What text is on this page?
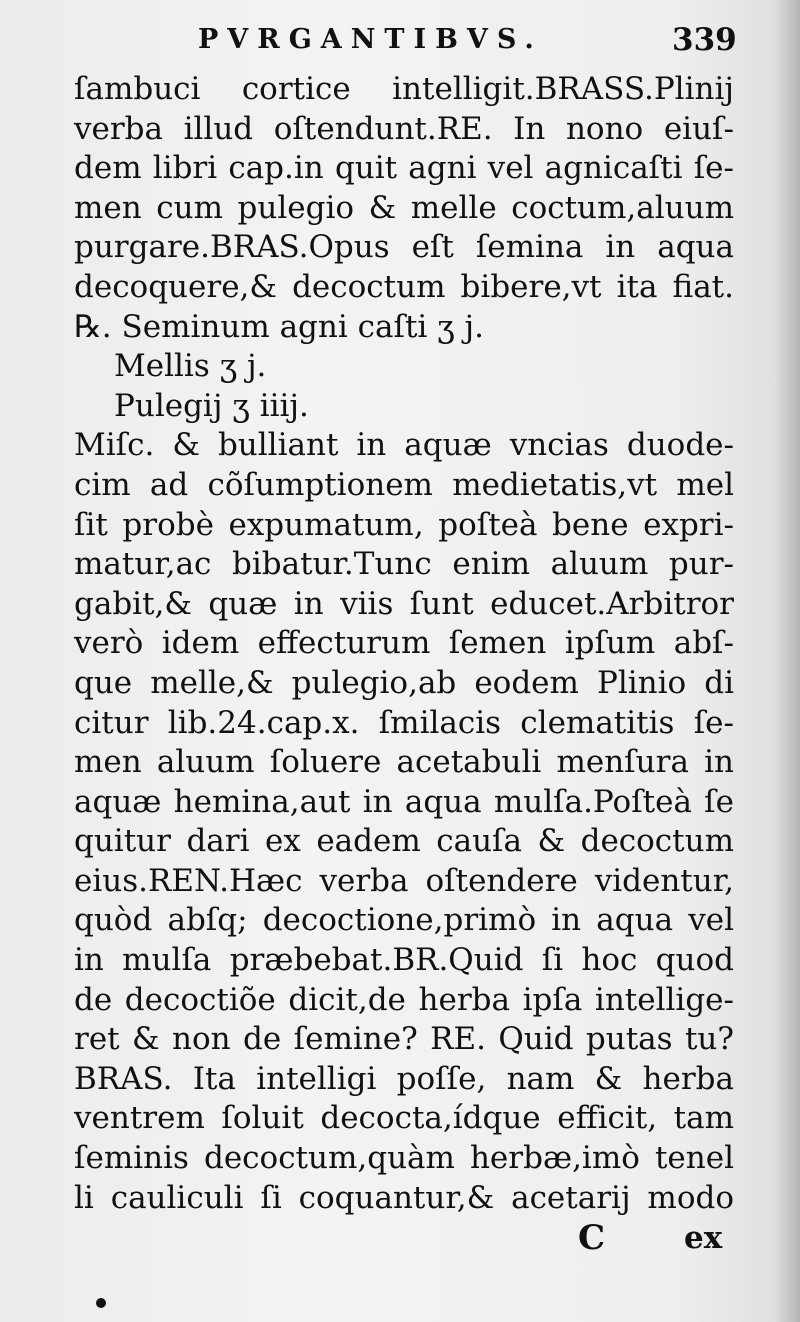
PVRGANTIBVS.	339
ſambuci cortice intelligit.BRASS.Plinij
verba illud oſtendunt.RE. In nono eiuſ-
dem libri cap.in quit agni vel agnicaſti ſe-
men cum pulegio & melle coctum,aluum
purgare.BRAS.Opus eſt ſemina in aqua
decoquere,& decoctum bibere,vt ita fiat.
℞. Seminum agni caſti ʒ j.
Mellis ʒ j.
Pulegij ʒ iiij.
Miſc. & bulliant in aquæ vncias duode-
cim ad cõſumptionem medietatis,vt mel
ſit probè expumatum, poſteà bene expri-
matur,ac bibatur.Tunc enim aluum pur-
gabit,& quæ in viis ſunt educet.Arbitror
verò idem effecturum ſemen ipſum abſ-
que melle,& pulegio,ab eodem Plinio di
citur lib.24.cap.x. ſmilacis clematitis ſe-
men aluum ſoluere acetabuli menſura in
aquæ hemina,aut in aqua mulſa.Poſteà ſe
quitur dari ex eadem cauſa & decoctum
eius.REN.Hæc verba oſtendere videntur,
quòd abſq; decoctione,primò in aqua vel
in mulſa præbebat.BR.Quid ſi hoc quod
de decoctiõe dicit,de herba ipſa intellige-
ret & non de ſemine? RE. Quid putas tu?
BRAS. Ita intelligi poſſe, nam & herba
ventrem ſoluit decocta,ídque efficit, tam
ſeminis decoctum,quàm herbæ,imò tenel
li cauliculi ſi coquantur,& acetarij modo
C	ex
